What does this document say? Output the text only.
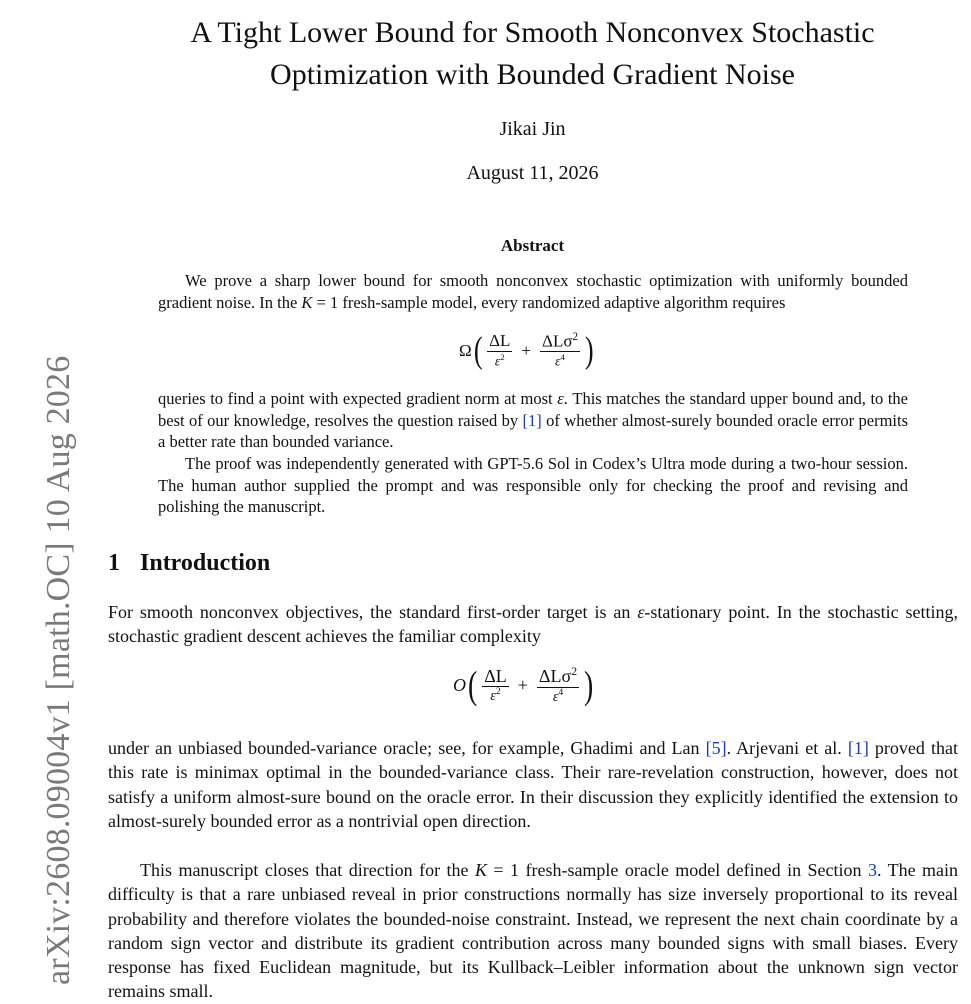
arXiv:2608.09004v1 [math.OC] 10 Aug 2026
A Tight Lower Bound for Smooth Nonconvex Stochastic
Optimization with Bounded Gradient Noise
Jikai Jin
August 11, 2026
Abstract
We prove a sharp lower bound for smooth nonconvex stochastic optimization with uniformly bounded gradient noise. In the K = 1 fresh-sample model, every randomized adaptive algorithm requires
Ω ( $\frac{\Delta L}{\varepsilon^2} + \frac{\Delta L\sigma^2}{\varepsilon^4}$ )
queries to find a point with expected gradient norm at most ε. This matches the standard upper bound and, to the best of our knowledge, resolves the question raised by [1] of whether almost-surely bounded oracle error permits a better rate than bounded variance.
The proof was independently generated with GPT-5.6 Sol in Codex’s Ultra mode during a two-hour session. The human author supplied the prompt and was responsible only for checking the proof and revising and polishing the manuscript.
1 Introduction
For smooth nonconvex objectives, the standard first-order target is an ε-stationary point. In the stochastic setting, stochastic gradient descent achieves the familiar complexity
O ( $\frac{\Delta L}{\varepsilon^2} + \frac{\Delta L\sigma^2}{\varepsilon^4}$ )
under an unbiased bounded-variance oracle; see, for example, Ghadimi and Lan [5]. Arjevani et al. [1] proved that this rate is minimax optimal in the bounded-variance class. Their rare-revelation construction, however, does not satisfy a uniform almost-sure bound on the oracle error. In their discussion they explicitly identified the extension to almost-surely bounded error as a nontrivial open direction.
This manuscript closes that direction for the K = 1 fresh-sample oracle model defined in Section 3. The main difficulty is that a rare unbiased reveal in prior constructions normally has size inversely proportional to its reveal probability and therefore violates the bounded-noise constraint. Instead, we represent the next chain coordinate by a random sign vector and distribute its gradient contribution across many bounded signs with small biases. Every response has fixed Euclidean magnitude, but its Kullback–Leibler information about the unknown sign vector remains small.
